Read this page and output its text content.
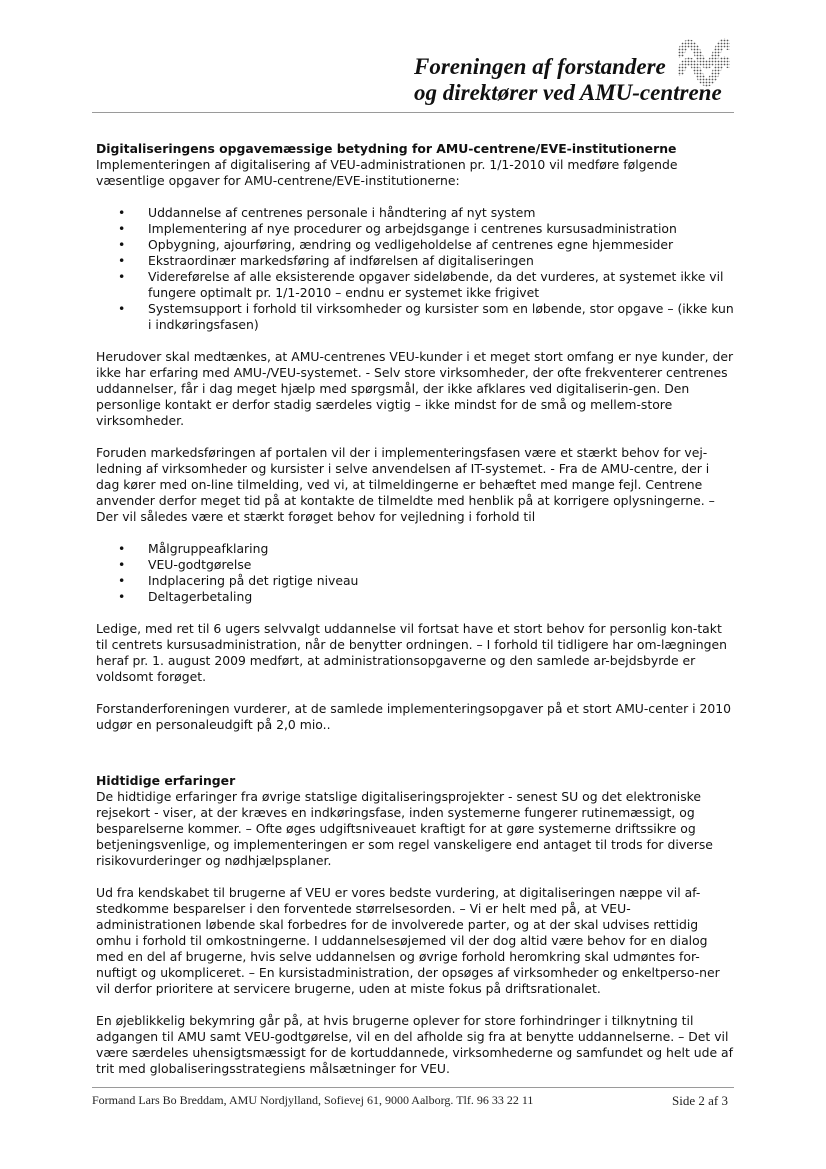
Foreningen af forstandere
og direktører ved AMU-centrene
Digitaliseringens opgavemæssige betydning for AMU-centrene/EVE-institutionerne

Implementeringen af digitalisering af VEU-administrationen pr. 1/1-2010 vil medføre følgende væsentlige opgaver for AMU-centrene/EVE-institutionerne:

• Uddannelse af centrenes personale i håndtering af nyt system
• Implementering af nye procedurer og arbejdsgange i centrenes kursusadministration
• Opbygning, ajourføring, ændring og vedligeholdelse af centrenes egne hjemmesider
• Ekstraordinær markedsføring af indførelsen af digitaliseringen
• Videreførelse af alle eksisterende opgaver sideløbende, da det vurderes, at systemet ikke vil fungere optimalt pr. 1/1-2010 – endnu er systemet ikke frigivet
• Systemsupport i forhold til virksomheder og kursister som en løbende, stor opgave – (ikke kun i indkøringsfasen)

Herudover skal medtænkes, at AMU-centrenes VEU-kunder i et meget stort omfang er nye kunder, der ikke har erfaring med AMU-/VEU-systemet. - Selv store virksomheder, der ofte frekventerer centrenes uddannelser, får i dag meget hjælp med spørgsmål, der ikke afklares ved digitaliserin-gen. Den personlige kontakt er derfor stadig særdeles vigtig – ikke mindst for de små og mellem-store virksomheder.

Foruden markedsføringen af portalen vil der i implementeringsfasen være et stærkt behov for vej-ledning af virksomheder og kursister i selve anvendelsen af IT-systemet. - Fra de AMU-centre, der i dag kører med on-line tilmelding, ved vi, at tilmeldingerne er behæftet med mange fejl. Centrene anvender derfor meget tid på at kontakte de tilmeldte med henblik på at korrigere oplysningerne. – Der vil således være et stærkt forøget behov for vejledning i forhold til

• Målgruppeafklaring
• VEU-godtgørelse
• Indplacering på det rigtige niveau
• Deltagerbetaling

Ledige, med ret til 6 ugers selvvalgt uddannelse vil fortsat have et stort behov for personlig kon-takt til centrets kursusadministration, når de benytter ordningen. – I forhold til tidligere har om-lægningen heraf pr. 1. august 2009 medført, at administrationsopgaverne og den samlede ar-bejdsbyrde er voldsomt forøget.

Forstanderforeningen vurderer, at de samlede implementeringsopgaver på et stort AMU-center i 2010 udgør en personaleudgift på 2,0 mio..

Hidtidige erfaringer

De hidtidige erfaringer fra øvrige statslige digitaliseringsprojekter - senest SU og det elektroniske rejsekort - viser, at der kræves en indkøringsfase, inden systemerne fungerer rutinemæssigt, og besparelserne kommer. – Ofte øges udgiftsniveauet kraftigt for at gøre systemerne driftssikre og betjeningsvenlige, og implementeringen er som regel vanskeligere end antaget til trods for diverse risikovurderinger og nødhjælpsplaner.

Ud fra kendskabet til brugerne af VEU er vores bedste vurdering, at digitaliseringen næppe vil af-stedkomme besparelser i den forventede størrelsesorden. – Vi er helt med på, at VEU-administrationen løbende skal forbedres for de involverede parter, og at der skal udvises rettidig omhu i forhold til omkostningerne. I uddannelsesøjemed vil der dog altid være behov for en dialog med en del af brugerne, hvis selve uddannelsen og øvrige forhold heromkring skal udmøntes for-nuftigt og ukompliceret. – En kursistadministration, der opsøges af virksomheder og enkeltperso-ner vil derfor prioritere at servicere brugerne, uden at miste fokus på driftsrationalet.

En øjeblikkelig bekymring går på, at hvis brugerne oplever for store forhindringer i tilknytning til adgangen til AMU samt VEU-godtgørelse, vil en del afholde sig fra at benytte uddannelserne. – Det vil være særdeles uhensigtsmæssigt for de kortuddannede, virksomhederne og samfundet og helt ude af trit med globaliseringsstrategiens målsætninger for VEU.

Formand Lars Bo Breddam, AMU Nordjylland, Sofievej 61, 9000 Aalborg. Tlf. 96 33 22 11	Side 2 af 3
